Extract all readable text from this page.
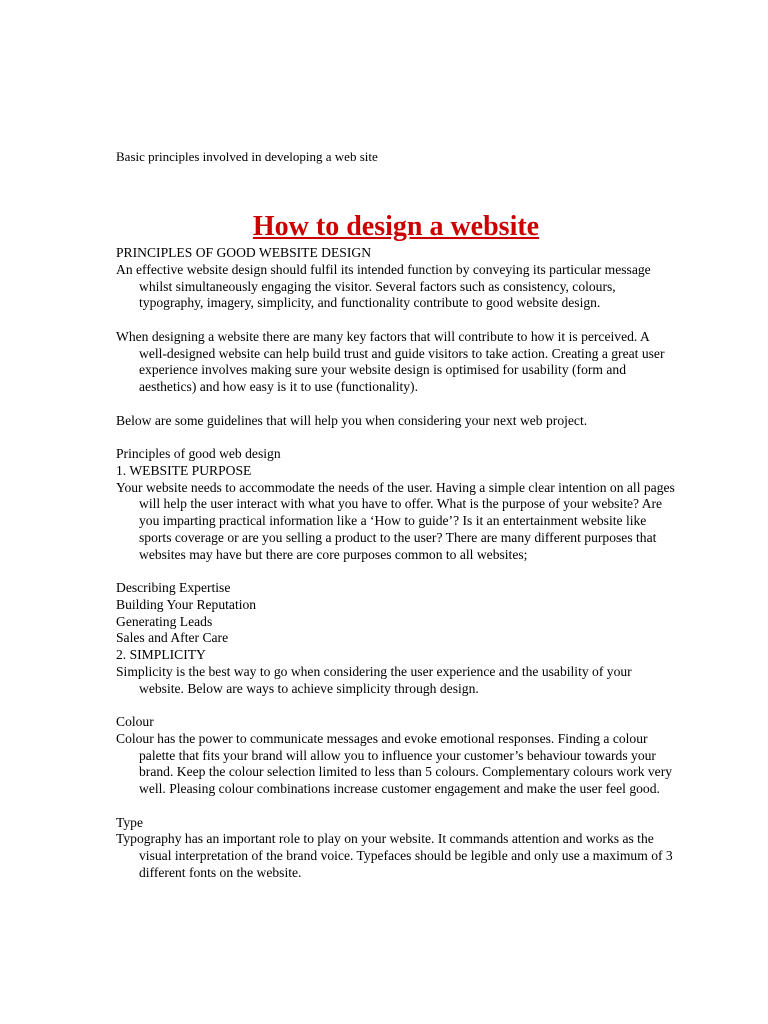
Basic principles involved in developing a web site
How to design a website

PRINCIPLES OF GOOD WEBSITE DESIGN

An effective website design should fulfil its intended function by conveying its particular message whilst simultaneously engaging the visitor. Several factors such as consistency, colours, typography, imagery, simplicity, and functionality contribute to good website design.

When designing a website there are many key factors that will contribute to how it is perceived. A well-designed website can help build trust and guide visitors to take action. Creating a great user experience involves making sure your website design is optimised for usability (form and aesthetics) and how easy is it to use (functionality).

Below are some guidelines that will help you when considering your next web project.

Principles of good web design

1. WEBSITE PURPOSE

Your website needs to accommodate the needs of the user. Having a simple clear intention on all pages will help the user interact with what you have to offer. What is the purpose of your website? Are you imparting practical information like a ‘How to guide’? Is it an entertainment website like sports coverage or are you selling a product to the user? There are many different purposes that websites may have but there are core purposes common to all websites;

Describing Expertise

Building Your Reputation

Generating Leads

Sales and After Care

2. SIMPLICITY

Simplicity is the best way to go when considering the user experience and the usability of your website. Below are ways to achieve simplicity through design.

Colour

Colour has the power to communicate messages and evoke emotional responses. Finding a colour palette that fits your brand will allow you to influence your customer’s behaviour towards your brand. Keep the colour selection limited to less than 5 colours. Complementary colours work very well. Pleasing colour combinations increase customer engagement and make the user feel good.

Type

Typography has an important role to play on your website. It commands attention and works as the visual interpretation of the brand voice. Typefaces should be legible and only use a maximum of 3 different fonts on the website.
